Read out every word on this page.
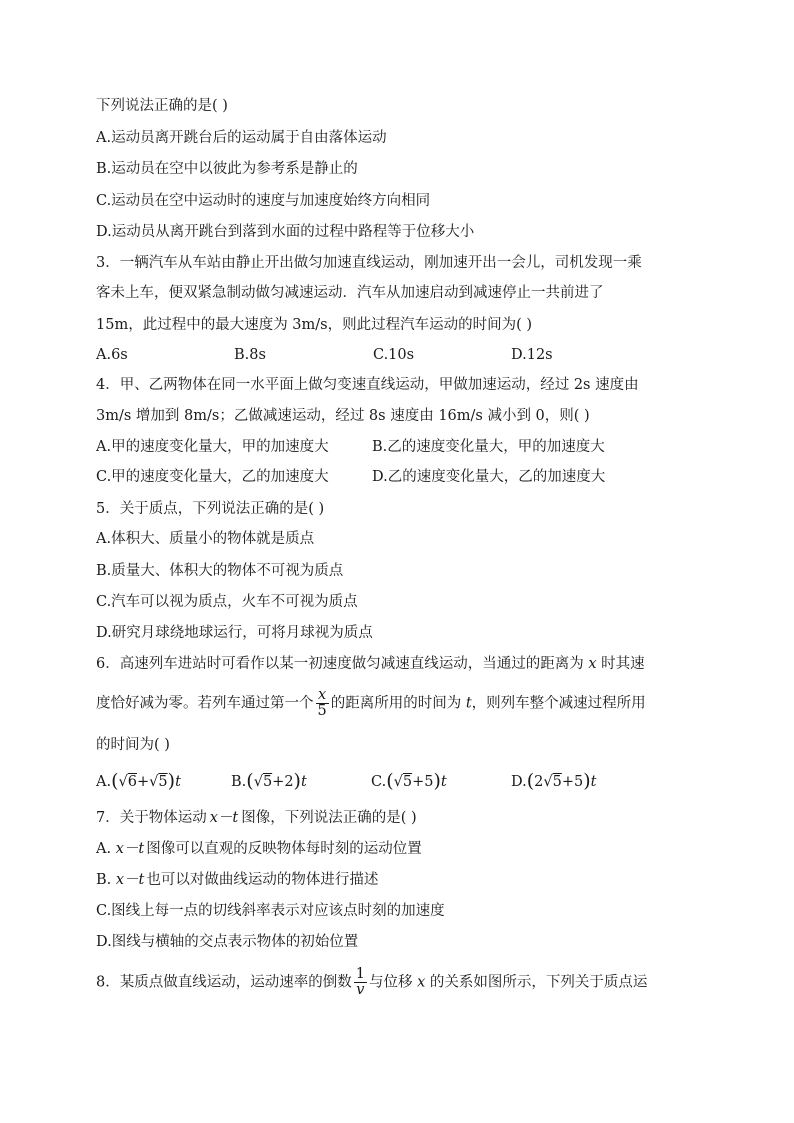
下列说法正确的是( )
A.运动员离开跳台后的运动属于自由落体运动
B.运动员在空中以彼此为参考系是静止的
C.运动员在空中运动时的速度与加速度始终方向相同
D.运动员从离开跳台到落到水面的过程中路程等于位移大小
3．一辆汽车从车站由静止开出做匀加速直线运动，刚加速开出一会儿，司机发现一乘
客未上车，便双紧急制动做匀减速运动．汽车从加速启动到减速停止一共前进了
15m，此过程中的最大速度为 3m/s，则此过程汽车运动的时间为( )
A.6s	B.8s	C.10s	D.12s
4．甲、乙两物体在同一水平面上做匀变速直线运动，甲做加速运动，经过 2s 速度由
3m/s 增加到 8m/s；乙做减速运动，经过 8s 速度由 16m/s 减小到 0，则( )
A.甲的速度变化量大，甲的加速度大	B.乙的速度变化量大，甲的加速度大
C.甲的速度变化量大，乙的加速度大	D.乙的速度变化量大，乙的加速度大
5．关于质点，下列说法正确的是( )
A.体积大、质量小的物体就是质点
B.质量大、体积大的物体不可视为质点
C.汽车可以视为质点，火车不可视为质点
D.研究月球绕地球运行，可将月球视为质点
6．高速列车进站时可看作以某一初速度做匀减速直线运动，当通过的距离为 x 时其速
度恰好减为零。若列车通过第一个 $\frac{x}{5}$ 的距离所用的时间为 t，则列车整个减速过程所用
的时间为( )
A.(√6+√5)t	B.(√5+2)t	C.(√5+5)t	D.(2√5+5)t
7．关于物体运动 x－t 图像，下列说法正确的是( )
A. x－t 图像可以直观的反映物体每时刻的运动位置
B. x－t 也可以对做曲线运动的物体进行描述
C.图线上每一点的切线斜率表示对应该点时刻的加速度
D.图线与横轴的交点表示物体的初始位置
8．某质点做直线运动，运动速率的倒数 $\frac{1}{v}$ 与位移 x 的关系如图所示，下列关于质点运
